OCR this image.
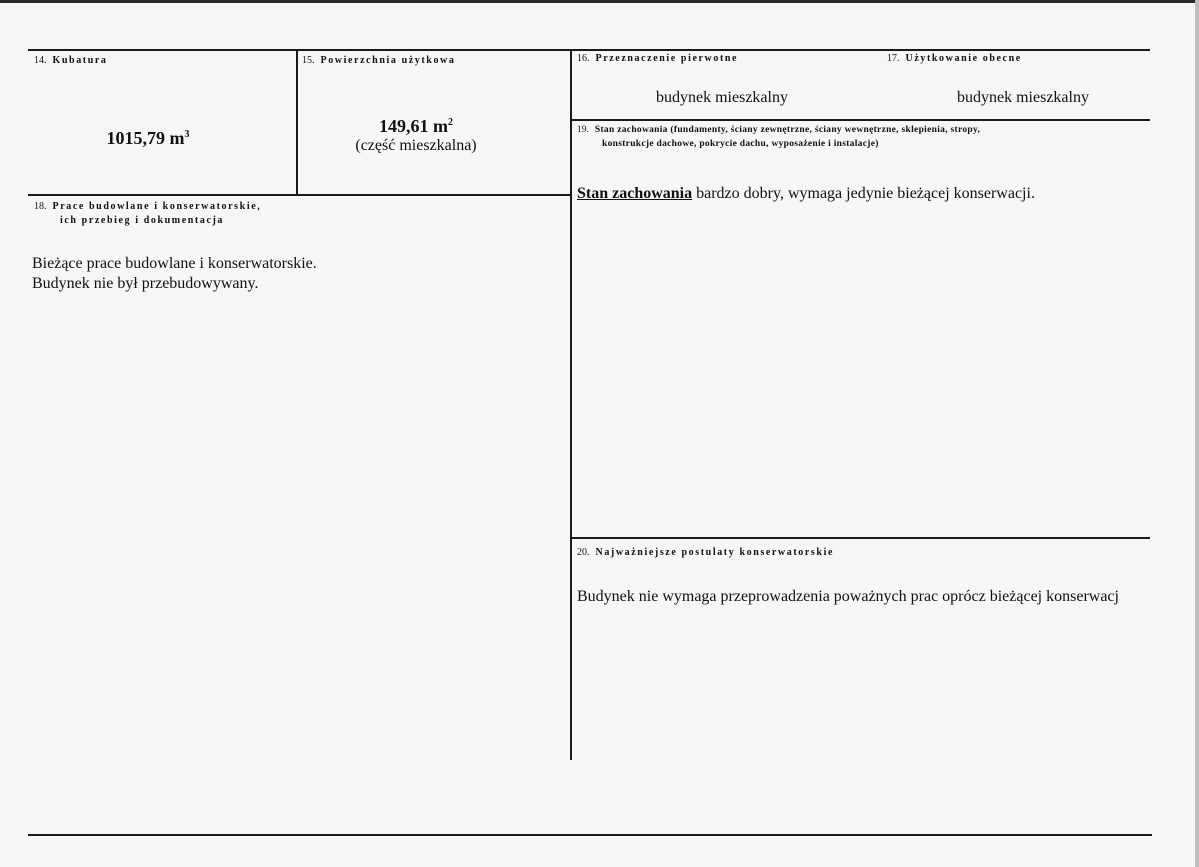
14. Kubatura
1015,79 $m^3$
15. Powierzchnia użytkowa
149,61 $m^2$
(część mieszkalna)
16. Przeznaczenie pierwotne
budynek mieszkalny
17. Użytkowanie obecne
budynek mieszkalny
19. Stan zachowania (fundamenty, ściany zewnętrzne, ściany wewnętrzne, sklepienia, stropy,
konstrukcje dachowe, pokrycie dachu, wyposażenie i instalacje)
Stan zachowania bardzo dobry, wymaga jedynie bieżącej konserwacji.
18. Prace budowlane i konserwatorskie,
ich przebieg i dokumentacja
Bieżące prace budowlane i konserwatorskie.
Budynek nie był przebudowywany.
20. Najważniejsze postulaty konserwatorskie
Budynek nie wymaga przeprowadzenia poważnych prac oprócz bieżącej konserwacj
